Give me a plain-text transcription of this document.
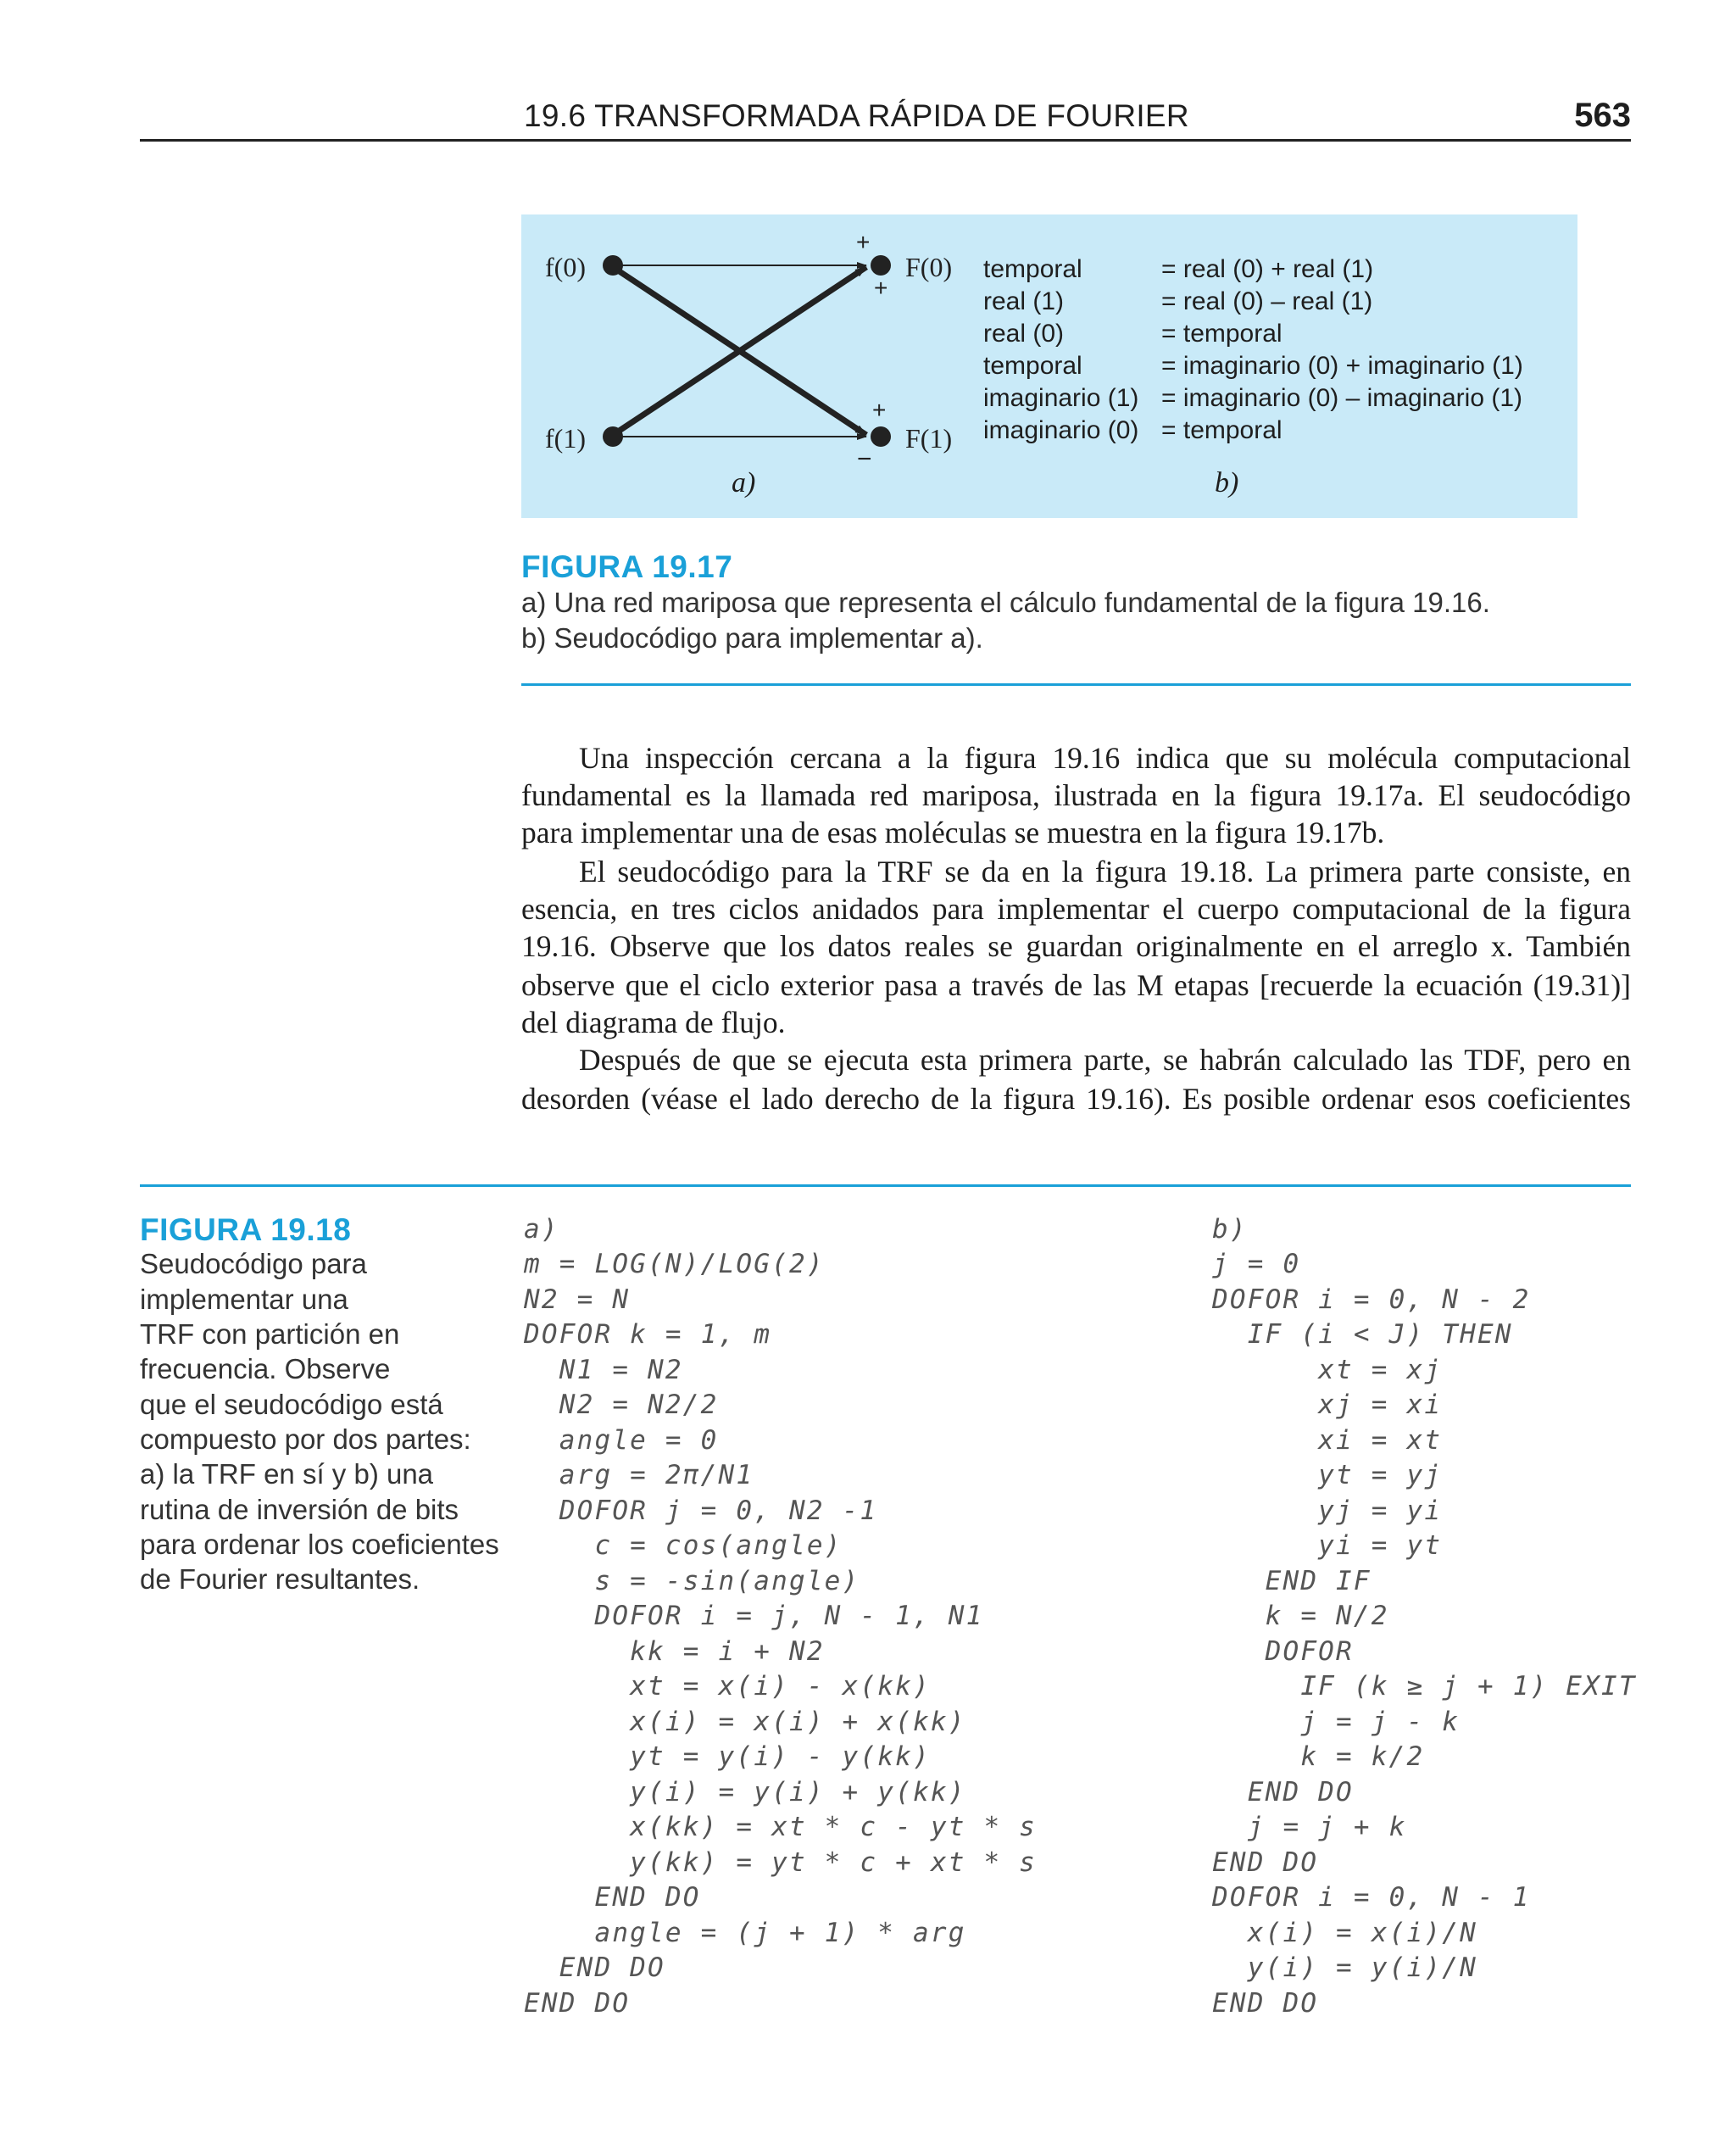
19.6 TRANSFORMADA RÁPIDA DE FOURIER	563
f(0)
f(1)
F(0)
F(1)
+
+
+
−
a)	b)
temporal	= real (0) + real (1)
real (1)	= real (0) – real (1)
real (0)	= temporal
temporal	= imaginario (0) + imaginario (1)
imaginario (1) = imaginario (0) – imaginario (1)
imaginario (0) = temporal
FIGURA 19.17
a) Una red mariposa que representa el cálculo fundamental de la figura 19.16.
b) Seudocódigo para implementar a).
Una inspección cercana a la figura 19.16 indica que su molécula computacional
fundamental es la llamada red mariposa, ilustrada en la figura 19.17a. El seudocódigo
para implementar una de esas moléculas se muestra en la figura 19.17b.
El seudocódigo para la TRF se da en la figura 19.18. La primera parte consiste, en
esencia, en tres ciclos anidados para implementar el cuerpo computacional de la figura
19.16. Observe que los datos reales se guardan originalmente en el arreglo x. También
observe que el ciclo exterior pasa a través de las M etapas [recuerde la ecuación (19.31)]
del diagrama de flujo.
Después de que se ejecuta esta primera parte, se habrán calculado las TDF, pero en
desorden (véase el lado derecho de la figura 19.16). Es posible ordenar esos coeficientes
FIGURA 19.18
Seudocódigo para
implementar una
TRF con partición en
frecuencia. Observe
que el seudocódigo está
compuesto por dos partes:
a) la TRF en sí y b) una
rutina de inversión de bits
para ordenar los coeficientes
de Fourier resultantes.
a)
m = LOG(N)/LOG(2)
N2 = N
DOFOR k = 1, m
N1 = N2
N2 = N2/2
angle = 0
arg = 2π/N1
DOFOR j = 0, N2 -1
c = cos(angle)
s = -sin(angle)
DOFOR i = j, N - 1, N1
kk = i + N2
xt = x(i) - x(kk)
x(i) = x(i) + x(kk)
yt = y(i) - y(kk)
y(i) = y(i) + y(kk)
x(kk) = xt * c - yt * s
y(kk) = yt * c + xt * s
END DO
angle = (j + 1) * arg
END DO
END DO
b)
j = 0
DOFOR i = 0, N - 2
IF (i < J) THEN
xt = xj
xj = xi
xi = xt
yt = yj
yj = yi
yi = yt
END IF
k = N/2
DOFOR
IF (k ≥ j + 1) EXIT
j = j - k
k = k/2
END DO
j = j + k
END DO
DOFOR i = 0, N - 1
x(i) = x(i)/N
y(i) = y(i)/N
END DO
